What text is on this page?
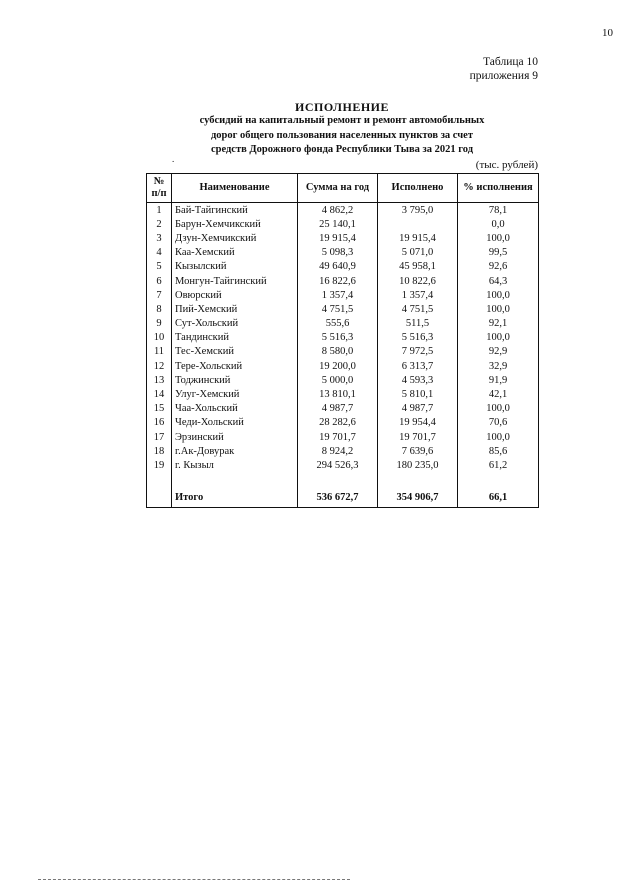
10
Таблица 10
приложения 9
ИСПОЛНЕНИЕ
субсидий на капитальный ремонт и ремонт автомобильных
дорог общего пользования населенных пунктов за счет
средств Дорожного фонда Республики Тыва за 2021 год
.	(тыс. рублей)
№ п/п	Наименование	Сумма на год	Исполнено	% исполнения
1	Бай-Тайгинский	4 862,2	3 795,0	78,1
2	Барун-Хемчикский	25 140,1		0,0
3	Дзун-Хемчикский	19 915,4	19 915,4	100,0
4	Каа-Хемский	5 098,3	5 071,0	99,5
5	Кызылский	49 640,9	45 958,1	92,6
6	Монгун-Тайгинский	16 822,6	10 822,6	64,3
7	Овюрский	1 357,4	1 357,4	100,0
8	Пий-Хемский	4 751,5	4 751,5	100,0
9	Сут-Хольский	555,6	511,5	92,1
10	Тандинский	5 516,3	5 516,3	100,0
11	Тес-Хемский	8 580,0	7 972,5	92,9
12	Тере-Хольский	19 200,0	6 313,7	32,9
13	Тоджинский	5 000,0	4 593,3	91,9
14	Улуг-Хемский	13 810,1	5 810,1	42,1
15	Чаа-Хольский	4 987,7	4 987,7	100,0
16	Чеди-Хольский	28 282,6	19 954,4	70,6
17	Эрзинский	19 701,7	19 701,7	100,0
18	г.Ак-Довурак	8 924,2	7 639,6	85,6
19	г. Кызыл	294 526,3	180 235,0	61,2

	Итого	536 672,7	354 906,7	66,1
